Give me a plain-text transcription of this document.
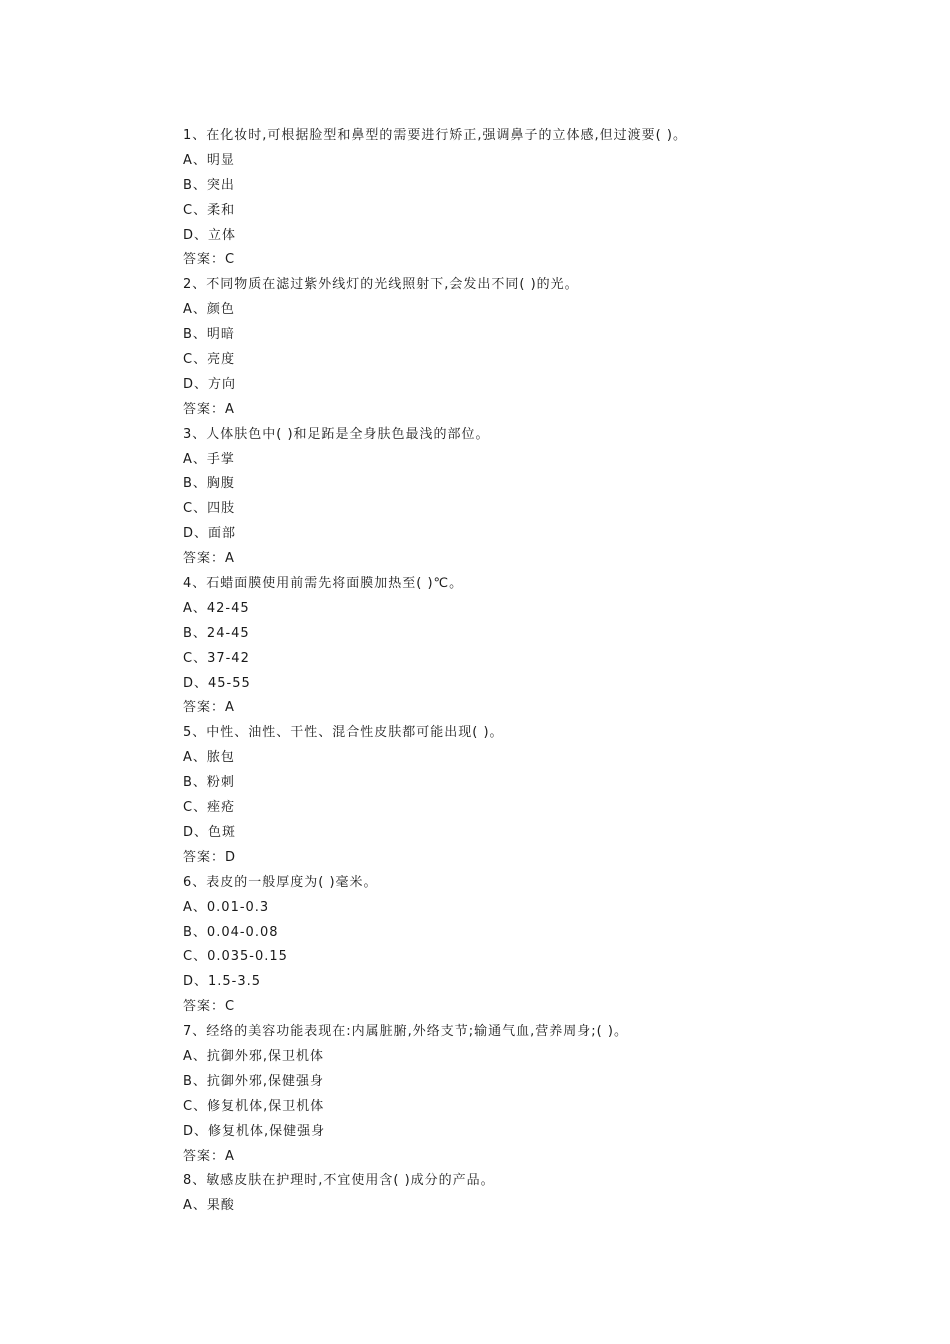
1、在化妆时,可根据脸型和鼻型的需要进行矫正,强调鼻子的立体感,但过渡要( )。
A、明显
B、突出
C、柔和
D、立体
答案：C
2、不同物质在滤过紫外线灯的光线照射下,会发出不同( )的光。
A、颜色
B、明暗
C、亮度
D、方向
答案：A
3、人体肤色中( )和足跖是全身肤色最浅的部位。
A、手掌
B、胸腹
C、四肢
D、面部
答案：A
4、石蜡面膜使用前需先将面膜加热至( )℃。
A、42-45
B、24-45
C、37-42
D、45-55
答案：A
5、中性、油性、干性、混合性皮肤都可能出现( )。
A、脓包
B、粉刺
C、痤疮
D、色斑
答案：D
6、表皮的一般厚度为( )毫米。
A、0.01-0.3
B、0.04-0.08
C、0.035-0.15
D、1.5-3.5
答案：C
7、经络的美容功能表现在:内属脏腑,外络支节;输通气血,营养周身;( )。
A、抗御外邪,保卫机体
B、抗御外邪,保健强身
C、修复机体,保卫机体
D、修复机体,保健强身
答案：A
8、敏感皮肤在护理时,不宜使用含( )成分的产品。
A、果酸
